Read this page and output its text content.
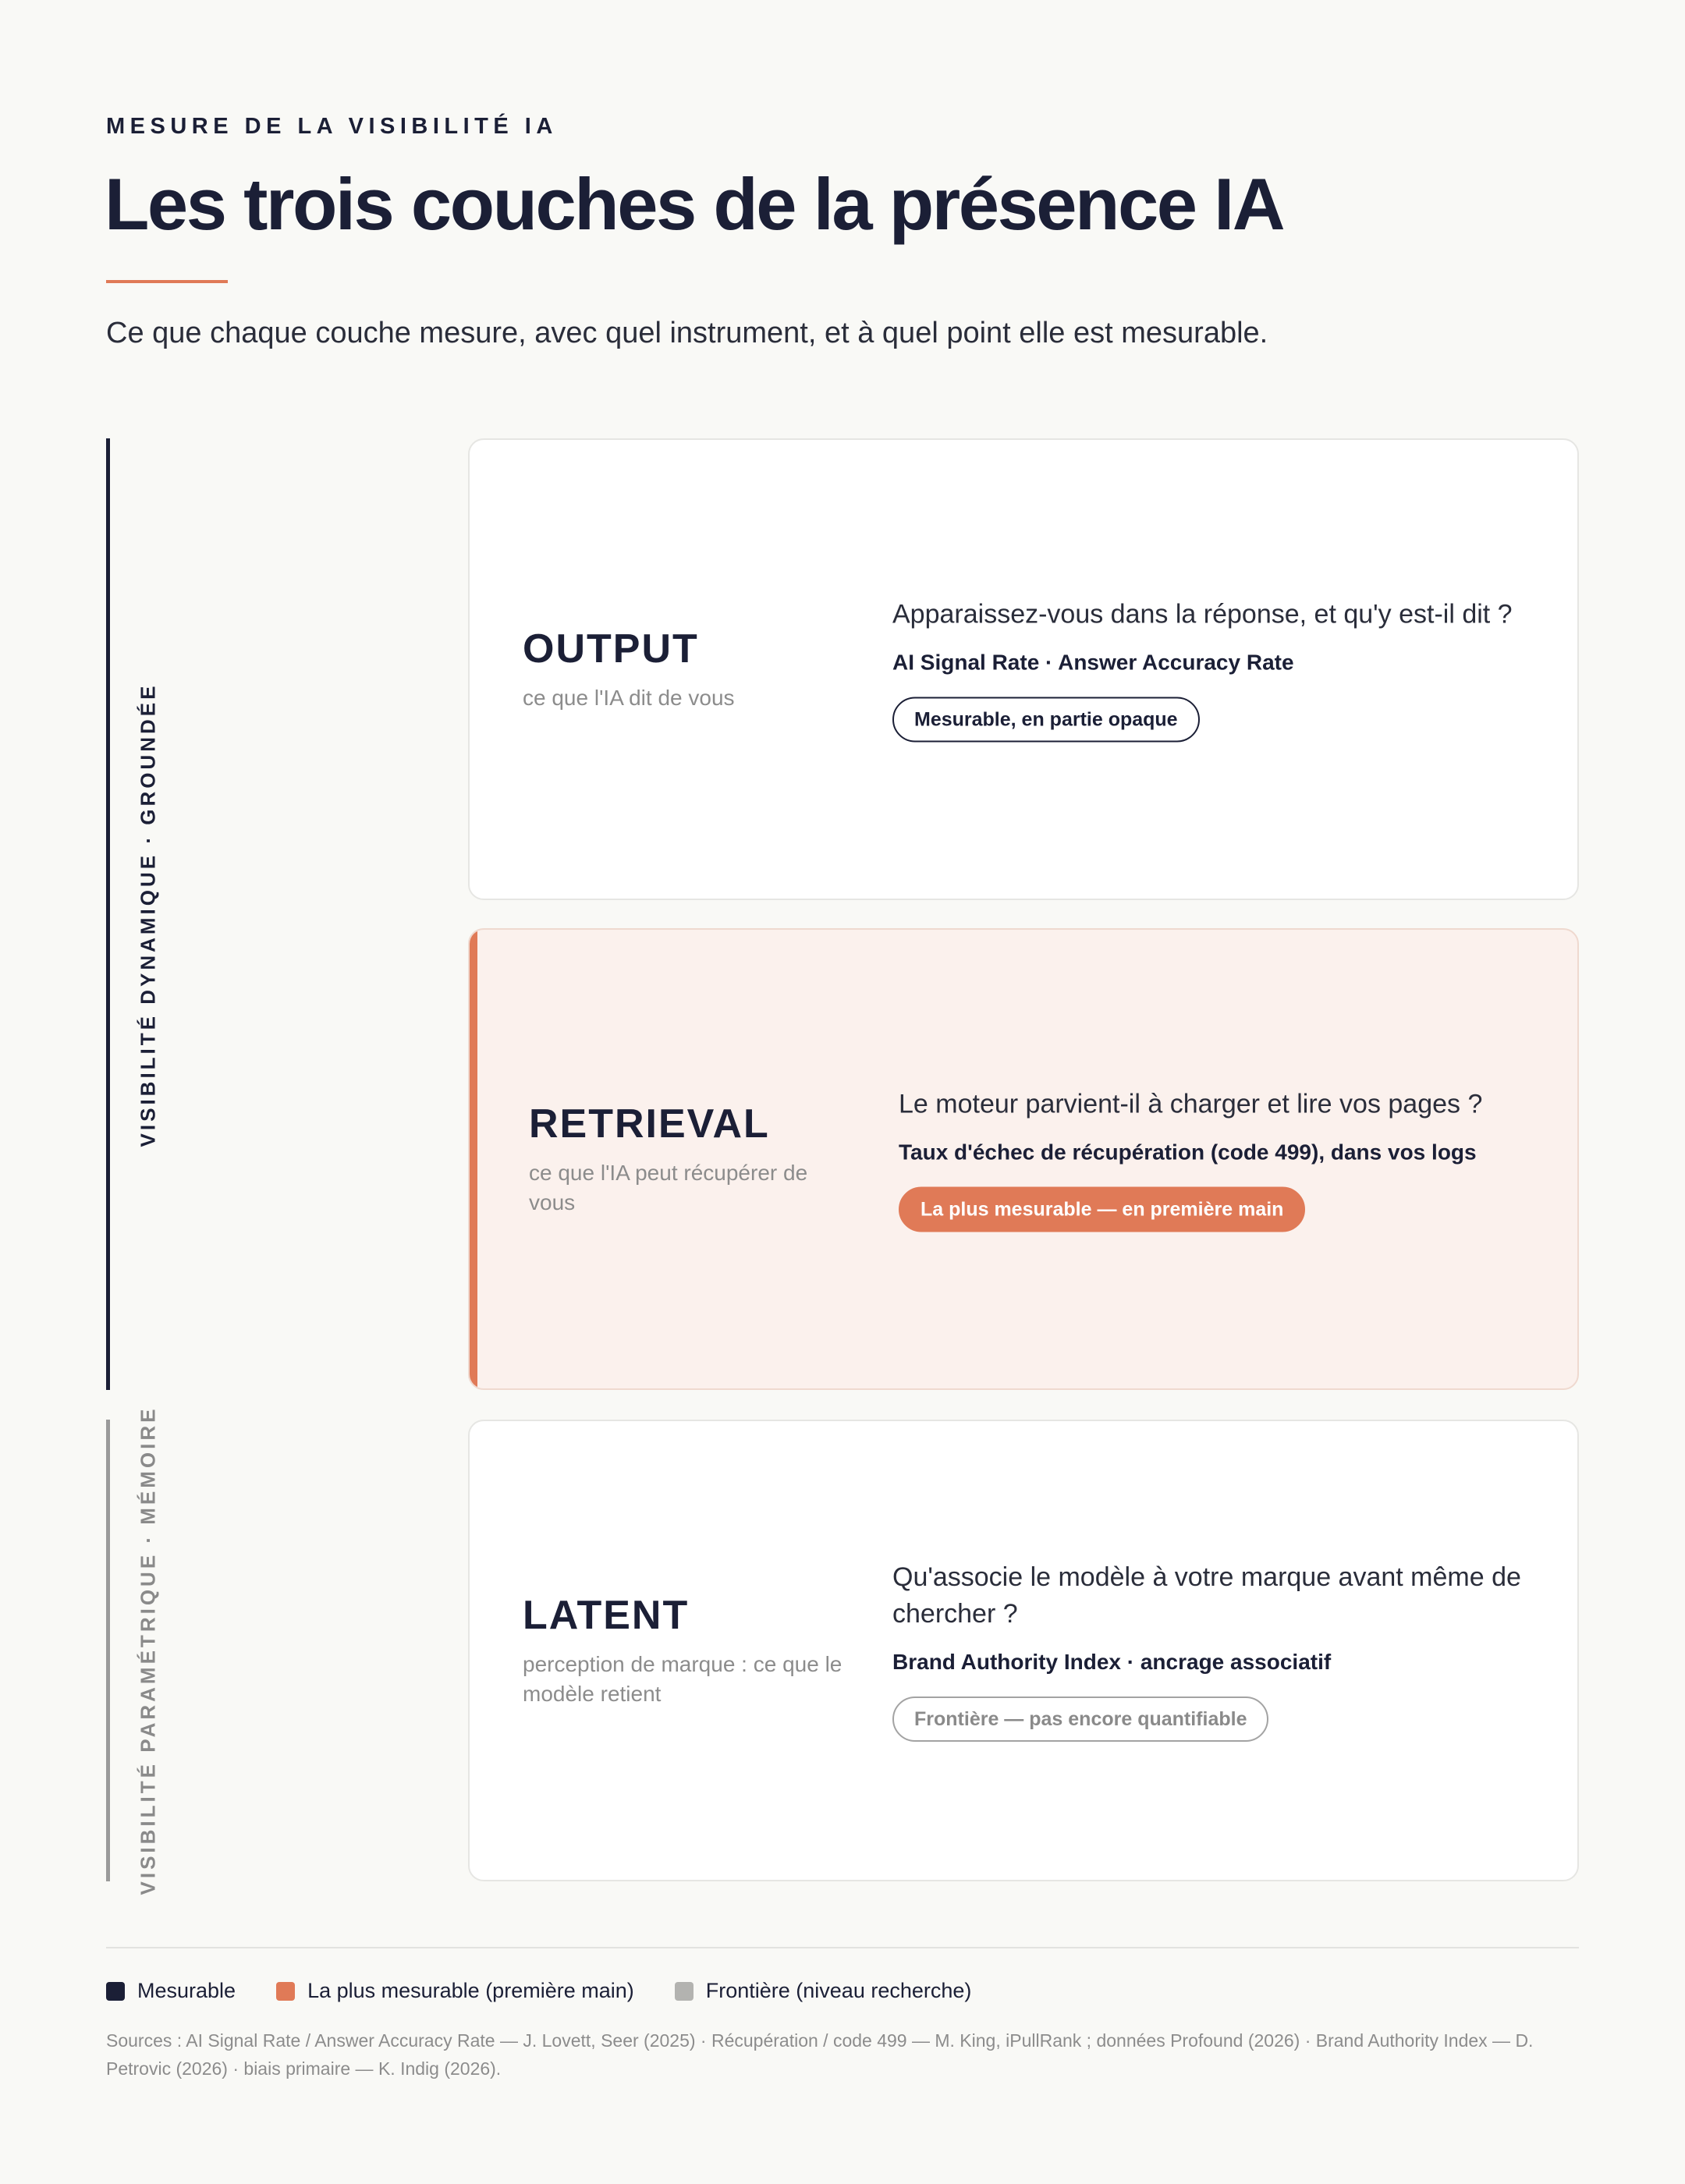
MESURE DE LA VISIBILITÉ IA
Les trois couches de la présence IA

Ce que chaque couche mesure, avec quel instrument, et à quel point elle est mesurable.

VISIBILITÉ DYNAMIQUE · GROUNDÉE
VISIBILITÉ PARAMÉTRIQUE · MÉMOIRE
OUTPUT
ce que l'IA dit de vous
Apparaissez-vous dans la réponse, et qu'y est-il dit ?
AI Signal Rate · Answer Accuracy Rate
Mesurable, en partie opaque
RETRIEVAL
ce que l'IA peut récupérer de vous
Le moteur parvient-il à charger et lire vos pages ?
Taux d'échec de récupération (code 499), dans vos logs
La plus mesurable — en première main
LATENT
perception de marque : ce que le modèle retient
Qu'associe le modèle à votre marque avant même de chercher ?
Brand Authority Index · ancrage associatif
Frontière — pas encore quantifiable
Mesurable	La plus mesurable (première main)	Frontière (niveau recherche)

Sources : AI Signal Rate / Answer Accuracy Rate — J. Lovett, Seer (2025) · Récupération / code 499 — M. King, iPullRank ; données Profound (2026) · Brand Authority Index — D. Petrovic (2026) · biais primaire — K. Indig (2026).
